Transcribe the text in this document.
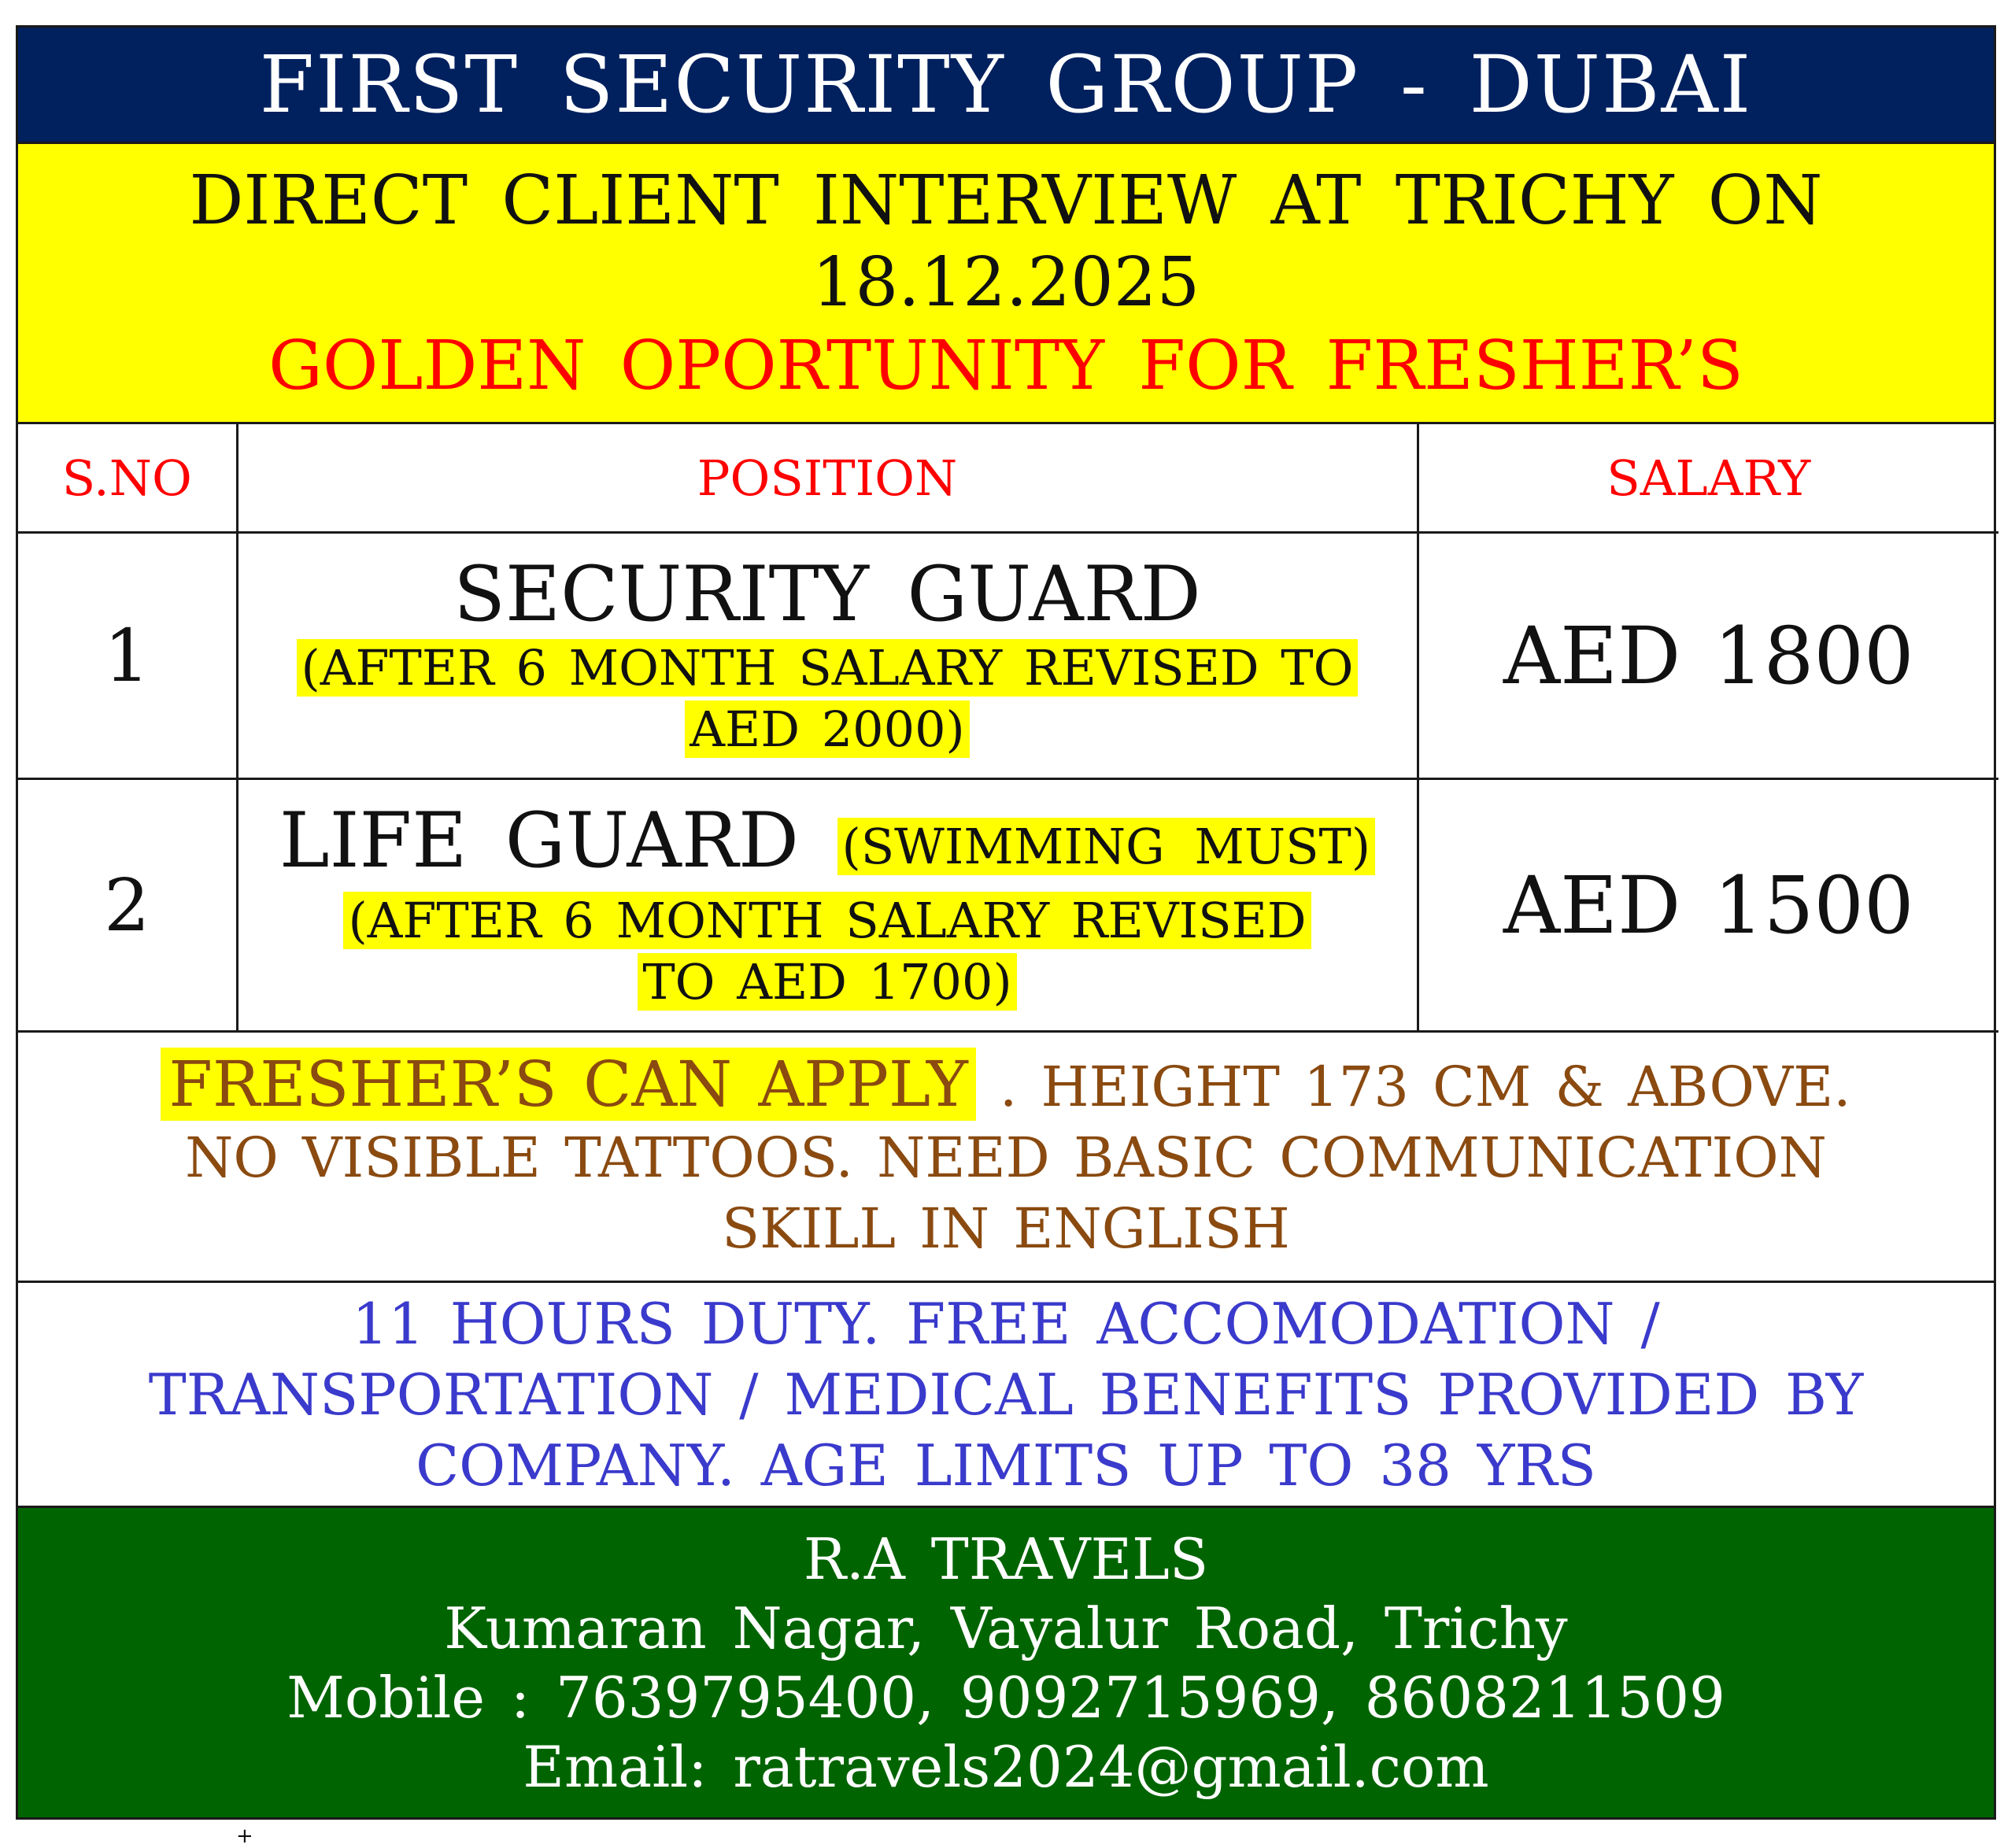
FIRST SECURITY GROUP - DUBAI
DIRECT CLIENT INTERVIEW AT TRICHY ON
18.12.2025
GOLDEN OPORTUNITY FOR FRESHER’S
S.NO	POSITION	SALARY
1	SECURITY GUARD
(AFTER 6 MONTH SALARY REVISED TO
AED 2000)	AED 1800
2	LIFE GUARD (SWIMMING MUST)
(AFTER 6 MONTH SALARY REVISED
TO AED 1700)	AED 1500
FRESHER’S CAN APPLY . HEIGHT 173 CM & ABOVE.
NO VISIBLE TATTOOS. NEED BASIC COMMUNICATION
SKILL IN ENGLISH
11 HOURS DUTY. FREE ACCOMODATION /
TRANSPORTATION / MEDICAL BENEFITS PROVIDED BY
COMPANY. AGE LIMITS UP TO 38 YRS
R.A TRAVELS
Kumaran Nagar, Vayalur Road, Trichy
Mobile : 7639795400, 9092715969, 8608211509
Email: ratravels2024@gmail.com
+
